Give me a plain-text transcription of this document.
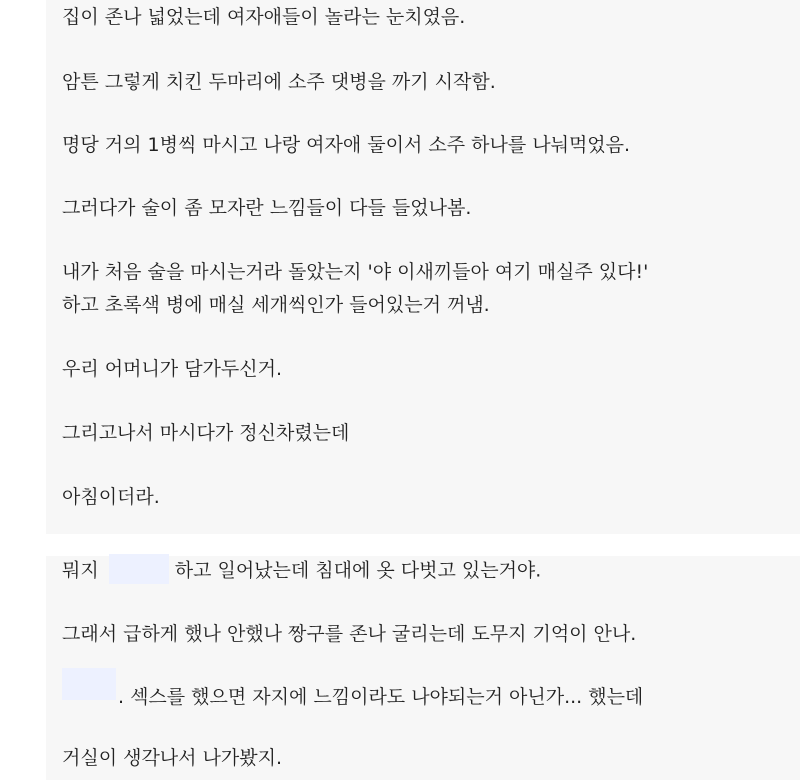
집이 존나 넓었는데 여자애들이 놀라는 눈치였음.
암튼 그렇게 치킨 두마리에 소주 댓병을 까기 시작함.
명당 거의 1병씩 마시고 나랑 여자애 둘이서 소주 하나를 나눠먹었음.
그러다가 술이 좀 모자란 느낌들이 다들 들었나봄.
내가 처음 술을 마시는거라 돌았는지 '야 이새끼들아 여기 매실주 있다!'
하고 초록색 병에 매실 세개씩인가 들어있는거 꺼냄.
우리 어머니가 담가두신거.
그리고나서 마시다가 정신차렸는데
아침이더라.
뭐지	하고 일어났는데 침대에 옷 다벗고 있는거야.
그래서 급하게 했나 안했나 짱구를 존나 굴리는데 도무지 기억이 안나.
. 섹스를 했으면 자지에 느낌이라도 나야되는거 아닌가... 했는데
거실이 생각나서 나가봤지.
